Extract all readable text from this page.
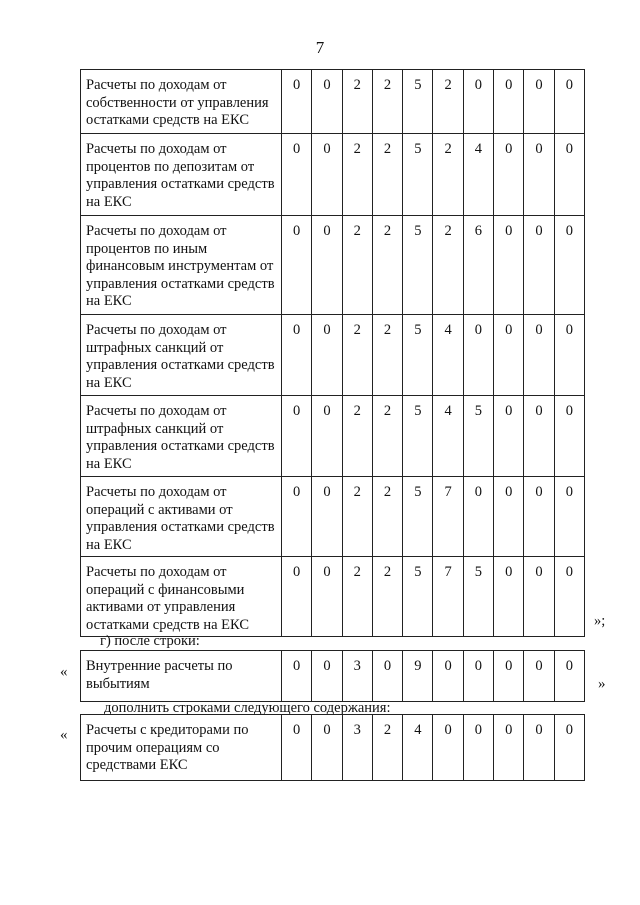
7
Расчеты по доходам от собственности от управления остатками средств на ЕКС	0	0	2	2	5	2	0	0	0	0
Расчеты по доходам от процентов по депозитам от управления остатками средств на ЕКС	0	0	2	2	5	2	4	0	0	0
Расчеты по доходам от процентов по иным финансовым инструментам от управления остатками средств на ЕКС	0	0	2	2	5	2	6	0	0	0
Расчеты по доходам от штрафных санкций от управления остатками средств на ЕКС	0	0	2	2	5	4	0	0	0	0
Расчеты по доходам от штрафных санкций от управления остатками средств на ЕКС	0	0	2	2	5	4	5	0	0	0
Расчеты по доходам от операций с активами от управления остатками средств на ЕКС	0	0	2	2	5	7	0	0	0	0
Расчеты по доходам от операций с финансовыми активами от управления остатками средств на ЕКС	0	0	2	2	5	7	5	0	0	0
»;
г) после строки:
« Внутренние расчеты по выбытиям	0	0	3	0	9	0	0	0	0	0
»
дополнить строками следующего содержания:
« Расчеты с кредиторами по прочим операциям со средствами ЕКС	0	0	3	2	4	0	0	0	0	0
